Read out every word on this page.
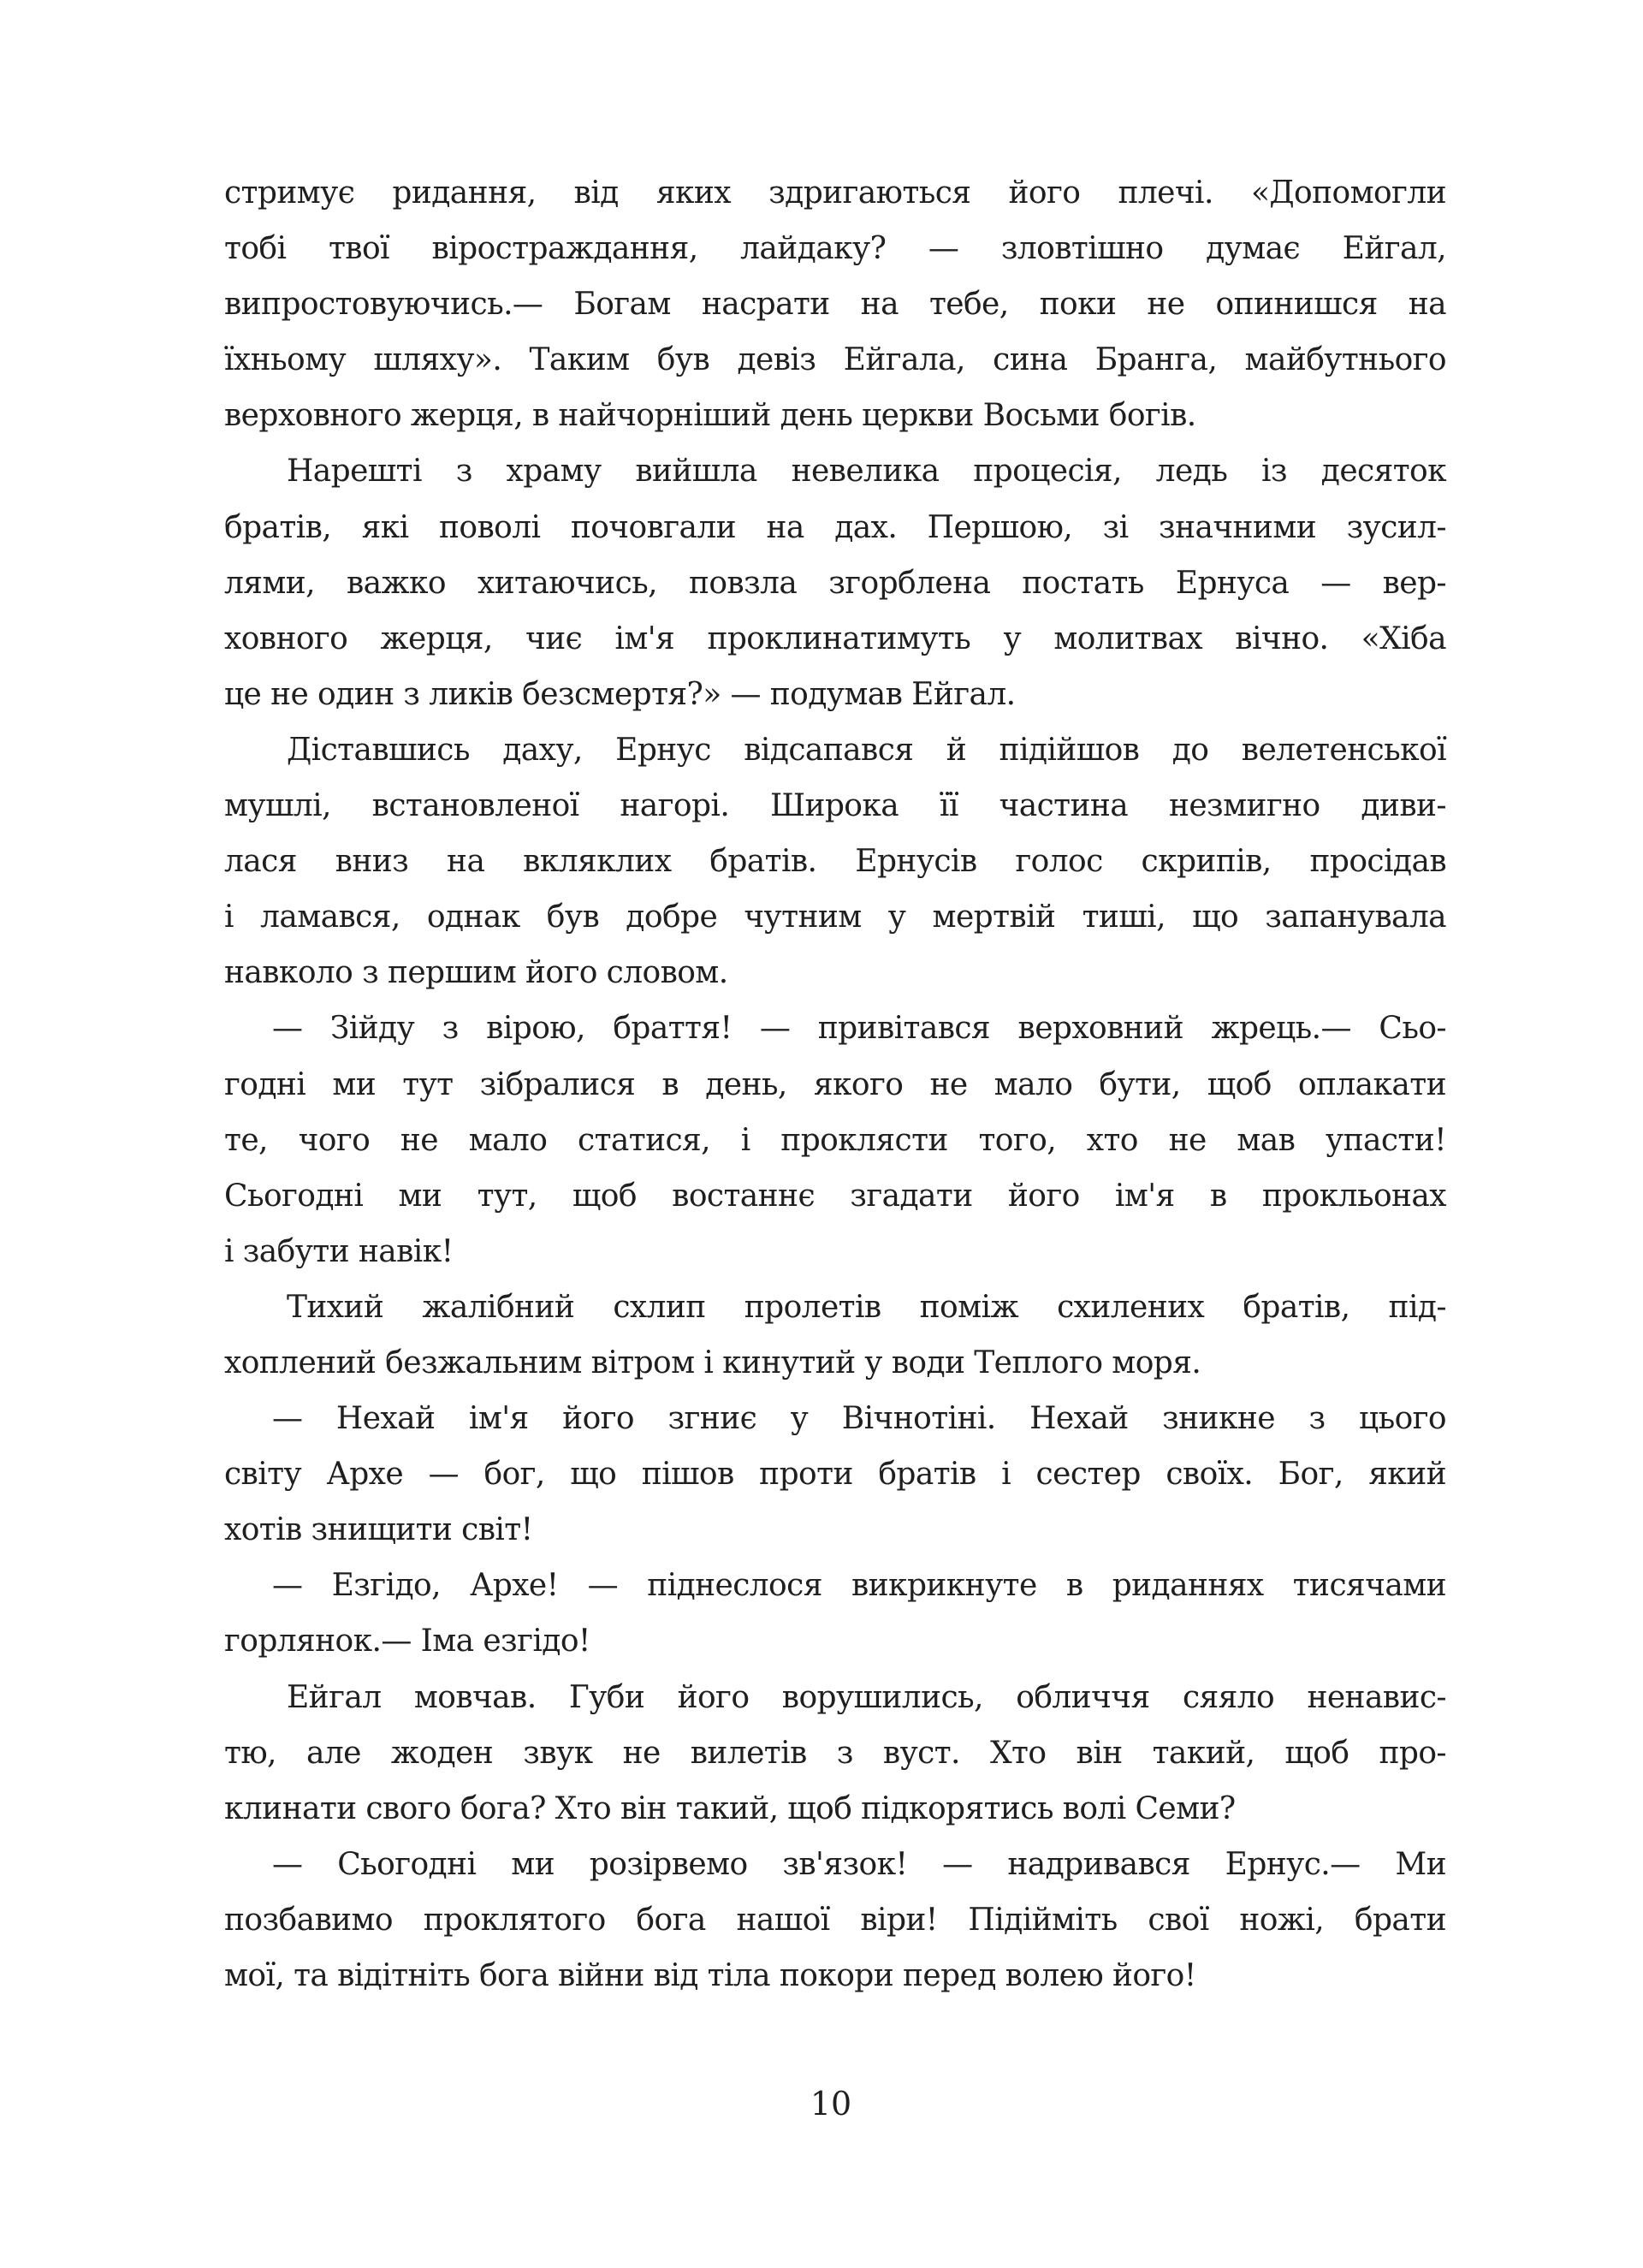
стримує ридання, від яких здригаються його плечі. «Допомогли
тобі твої віростраждання, лайдаку? — зловтішно думає Ейгал,
випростовуючись.— Богам насрати на тебе, поки не опинишся на
їхньому шляху». Таким був девіз Ейгала, сина Бранга, майбутнього
верховного жерця, в найчорніший день церкви Восьми богів.

Нарешті з храму вийшла невелика процесія, ледь із десяток
братів, які поволі почовгали на дах. Першою, зі значними зусил-
лями, важко хитаючись, повзла згорблена постать Ернуса — вер-
ховного жерця, чиє ім'я проклинатимуть у молитвах вічно. «Хіба
це не один з ликів безсмертя?» — подумав Ейгал.

Діставшись даху, Ернус відсапався й підійшов до велетенської
мушлі, встановленої нагорі. Широка її частина незмигно диви-
лася вниз на вкляклих братів. Ернусів голос скрипів, просідав
і ламався, однак був добре чутним у мертвій тиші, що запанувала
навколо з першим його словом.

— Зійду з вірою, браття! — привітався верховний жрець.— Сьо-
годні ми тут зібралися в день, якого не мало бути, щоб оплакати
те, чого не мало статися, і проклясти того, хто не мав упасти!
Сьогодні ми тут, щоб востаннє згадати його ім'я в прокльонах
і забути навік!

Тихий жалібний схлип пролетів поміж схилених братів, під-
хоплений безжальним вітром і кинутий у води Теплого моря.

— Нехай ім'я його згниє у Вічнотіні. Нехай зникне з цього
світу Архе — бог, що пішов проти братів і сестер своїх. Бог, який
хотів знищити світ!

— Езгідо, Архе! — піднеслося викрикнуте в риданнях тисячами
горлянок.— Іма езгідо!

Ейгал мовчав. Губи його ворушились, обличчя сяяло ненавис-
тю, але жоден звук не вилетів з вуст. Хто він такий, щоб про-
клинати свого бога? Хто він такий, щоб підкорятись волі Семи?

— Сьогодні ми розірвемо зв'язок! — надривався Ернус.— Ми
позбавимо проклятого бога нашої віри! Підійміть свої ножі, брати
мої, та відітніть бога війни від тіла покори перед волею його!

10
